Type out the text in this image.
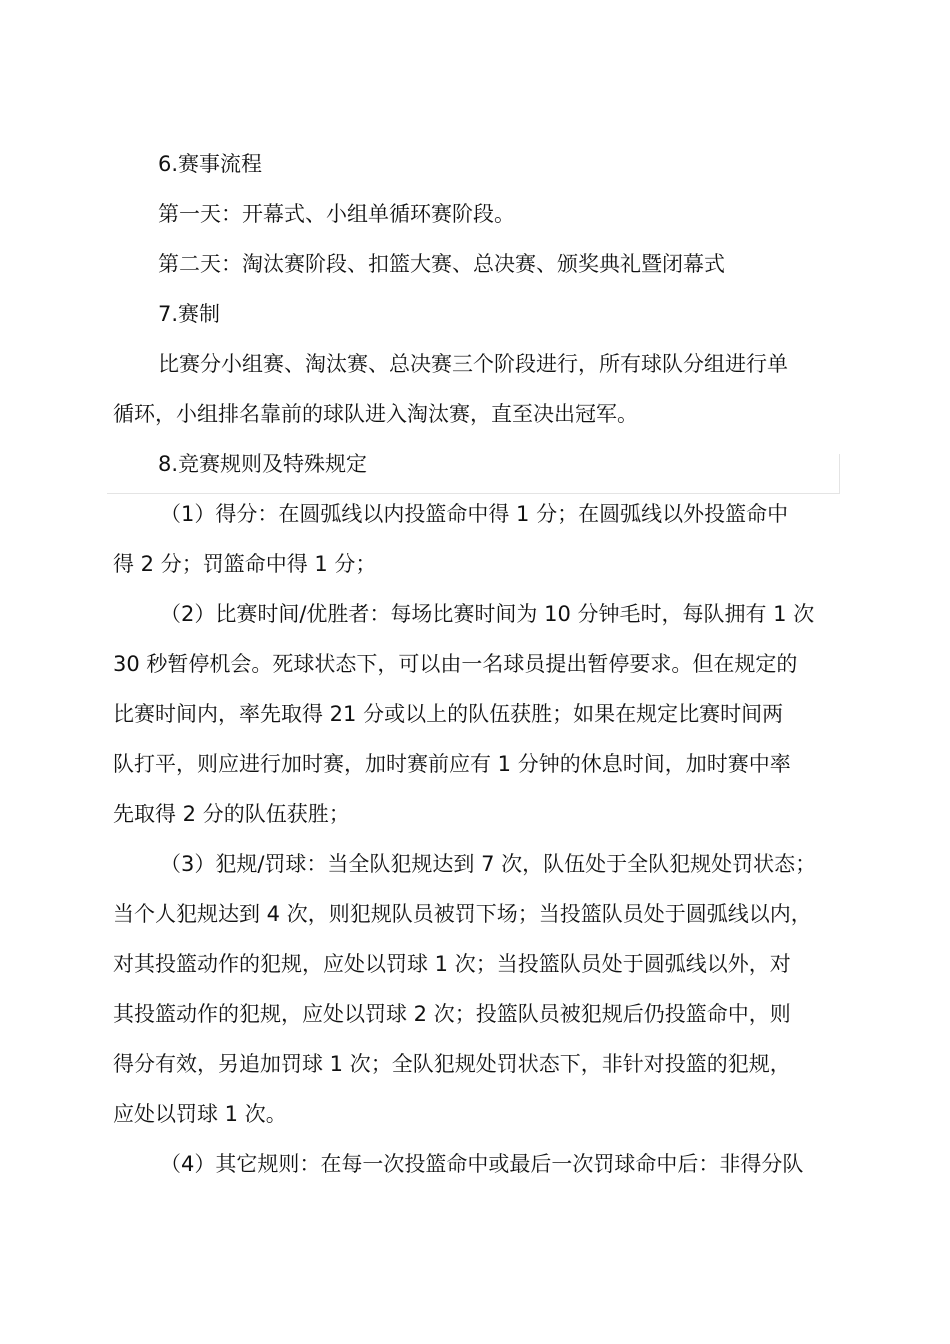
6.赛事流程

第一天：开幕式、小组单循环赛阶段。

第二天：淘汰赛阶段、扣篮大赛、总决赛、颁奖典礼暨闭幕式

7.赛制

比赛分小组赛、淘汰赛、总决赛三个阶段进行，所有球队分组进行单

循环，小组排名靠前的球队进入淘汰赛，直至决出冠军。

8.竞赛规则及特殊规定

（1）得分：在圆弧线以内投篮命中得 1 分；在圆弧线以外投篮命中

得 2 分；罚篮命中得 1 分；

（2）比赛时间/优胜者：每场比赛时间为 10 分钟毛时，每队拥有 1 次

30 秒暂停机会。死球状态下，可以由一名球员提出暂停要求。但在规定的

比赛时间内，率先取得 21 分或以上的队伍获胜；如果在规定比赛时间两

队打平，则应进行加时赛，加时赛前应有 1 分钟的休息时间，加时赛中率

先取得 2 分的队伍获胜；

（3）犯规/罚球：当全队犯规达到 7 次，队伍处于全队犯规处罚状态；

当个人犯规达到 4 次，则犯规队员被罚下场；当投篮队员处于圆弧线以内，

对其投篮动作的犯规，应处以罚球 1 次；当投篮队员处于圆弧线以外，对

其投篮动作的犯规，应处以罚球 2 次；投篮队员被犯规后仍投篮命中，则

得分有效，另追加罚球 1 次；全队犯规处罚状态下，非针对投篮的犯规，

应处以罚球 1 次。

（4）其它规则：在每一次投篮命中或最后一次罚球命中后：非得分队
